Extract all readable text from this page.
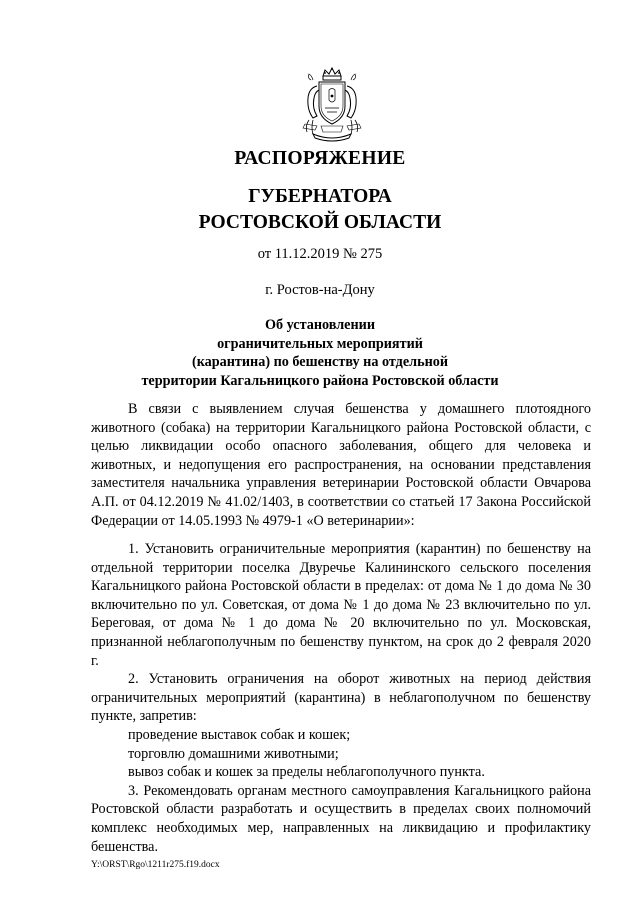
РАСПОРЯЖЕНИЕ
ГУБЕРНАТОРА
РОСТОВСКОЙ ОБЛАСТИ
от 11.12.2019 № 275
г. Ростов-на-Дону
Об установлении
ограничительных мероприятий
(карантина) по бешенству на отдельной
территории Кагальницкого района Ростовской области

В связи с выявлением случая бешенства у домашнего плотоядного животного (собака) на территории Кагальницкого района Ростовской области, с целью ликвидации особо опасного заболевания, общего для человека и животных, и недопущения его распространения, на основании представления заместителя начальника управления ветеринарии Ростовской области Овчарова А.П. от 04.12.2019 № 41.02/1403, в соответствии со статьей 17 Закона Российской Федерации от 14.05.1993 № 4979-1 «О ветеринарии»:

1. Установить ограничительные мероприятия (карантин) по бешенству на отдельной территории поселка Двуречье Калининского сельского поселения Кагальницкого района Ростовской области в пределах: от дома № 1 до дома № 30 включительно по ул. Советская, от дома № 1 до дома № 23 включительно по ул. Береговая, от дома № 1 до дома № 20 включительно по ул. Московская, признанной неблагополучным по бешенству пунктом, на срок до 2 февраля 2020 г.

2. Установить ограничения на оборот животных на период действия ограничительных мероприятий (карантина) в неблагополучном по бешенству пункте, запретив:

проведение выставок собак и кошек;

торговлю домашними животными;

вывоз собак и кошек за пределы неблагополучного пункта.

3. Рекомендовать органам местного самоуправления Кагальницкого района Ростовской области разработать и осуществить в пределах своих полномочий комплекс необходимых мер, направленных на ликвидацию и профилактику бешенства.

Y:\ORST\Rgo\1211r275.f19.docx
